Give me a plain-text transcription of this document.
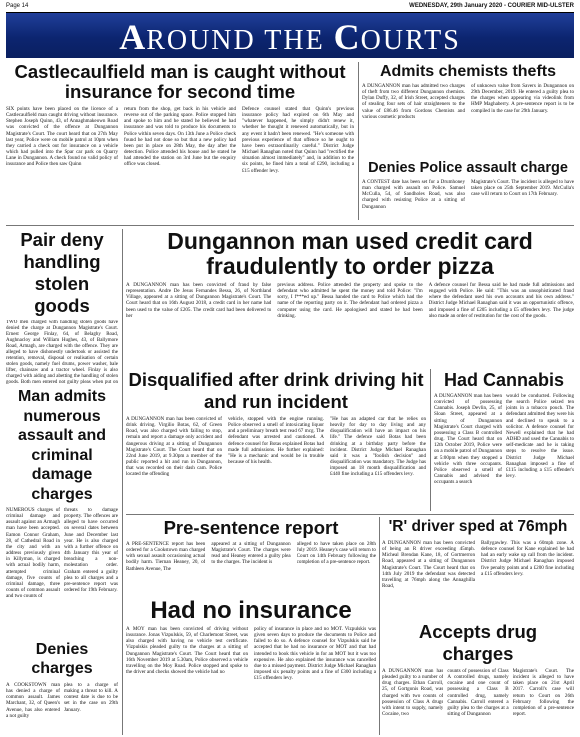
Page 14	WEDNESDAY, 29th January 2020 - COURIER MID-ULSTER
AROUND THE COURTS
Castlecaulfield man is caught without insurance for second time
SIX points have been placed on the licence of a Castlecaulfield man caught driving without insurance. Stephen Joseph Quinn, 43, of Annaghmakeown Road was convicted of the offence at Dungannon Magistrate's Court. The court heard that on 27th May last year, Police were on mobile patrol at 10pm when they carried a check out for insurance on a vehicle which had pulled into the Spar car park on Quarry Lane in Dungannon. A check found no valid policy of insurance and Police then saw Quinn
return from the shop, get back in his vehicle and reverse out of the parking space. Police stopped him and spoke to him and he stated he believed he had insurance and was told to produce his documents to Police within seven days. On 13th June a Police check found he had not done so but that a new policy had been put in place on 28th May, the day after the detection. Police attended his house and he stated he had attended the station on 3rd June but the enquiry office was closed.
Defence counsel stated that Quinn's previous insurance policy had expired on 6th May and "whatever happened, he simply didn't renew it, whether he thought it renewed automatically, but in any event it hadn't been renewed. "He's someone with previous experience of that offence so he ought to have been extraordinarily careful." District Judge Michael Ranaghan noted that Quinn had "rectified the situation almost immediately" and, in addition to the six points, he fined him a total of £290, including a £15 offender levy.
Admits chemists thefts
A DUNGANNON man has admitted two charges of theft from two different Dungannon chemists. Dylan Duffy, 32, of Irish Street, accepted charges of stealing four sets of hair straighteners to the value of £86.46 from Gordons Chemists and various cosmetic products
of unknown value from Savers in Dungannon on 29th December, 2019. He entered a guilty plea to the charges when appearing via videolink from HMP Maghaberry. A pre-sentence report is to be compiled in the case for 29th January.
Denies Police assault charge
A CONTEST date has been set for a Drumhoney man charged with assault on Police. Samuel McCulla, 54, of Sandholes Road, was also charged with resisting Police at a sitting of Dungannon
Magistrate's Court. The incident is alleged to have taken place on 25th September 2019. McCulla's case will return to Court on 17th February.
Pair deny handling stolen goods
TWO men charged with handling stolen goods have denied the charge at Dungannon Magistrate's Court. Ernest George Finlay, 64, of Belaghy Road, Aughnacloy and William Hughes, 43, of Ballymore Road, Armagh, are charged with the offence. They are alleged to have dishonestly undertook or assisted the retention, removal, disposal or realisation of certain stolen goods, namely fuel drums, power washer, bale lifter, chainsaw and a tractor wheel. Finlay is also charged with aiding and abetting the handling of stolen goods. Both men entered not guilty pleas when put on
Man admits numerous assault and criminal damage charges
NUMEROUS charges of criminal damage and assault against an Armagh man have been accepted. Eamon Connor Graham, 28, of Cathedral Road in the city and with an address previously given in Killyman, is charged with actual bodily harm, attempted criminal damage, five counts of criminal damage, three counts of common assault and two counts of
threats to damage property. The offences are alleged to have occurred on several dates between June and December last year. He is also charged with a further offence on 4th January this year of breaching a non-molestation order. Graham entered a guilty plea to all charges and a pre-sentence report was ordered for 19th February.
Denies charges
A COOKSTOWN man has denied a charge of common assault. James Marchant, 32, of Queen's Avenue, has also entered a not guilty
plea to a charge of making a threat to kill. A contest date is due to be set in the case on 29th January.
Dungannon man used credit card fraudulently to order pizza
A DUNGANNON man has been convicted of fraud by false representation. Andre De Jesus Fernandes Bessa, 26, of Northland Village, appeared at a sitting of Dungannon Magistrate's Court. The Court heard that on 16th August 2018, a credit card in her name had been used to the value of £205. The credit card had been delivered to her
previous address. Police attended the property and spoke to the defendant who admitted he spent the money and told Police: "I'm sorry, I f***ed up." Bessa handed the card to Police which had the name of the reporting party on it. The defendant had ordered pizza a computer using the card. He apologised and stated he had been drinking.
A defence counsel for Bessa said he had made full admissions and engaged with Police. He said: "This was an unsophisticated fraud where the defendant used his own accounts and his own address." District Judge Michael Ranaghan said it was an opportunistic offence, and imposed a fine of £205 including a £5 offenders levy. The judge also made an order of restitution for the cost of the goods.
Disqualified after drink driving hit and run incident
A DUNGANNON man has been convicted of drink driving. Virgilio Botas, 62, of Green Road, was also charged with failing to stop, remain and report a damage only accident and dangerous driving at a sitting of Dungannon Magistrate's Court. The Court heard that on 22nd June 2019, at 9.30pm a member of the public reported a hit and run in Dungannon, that was recorded on their dash cam. Police located the offending
vehicle, stopped with the engine running. Police observed a smell of intoxicating liquor and a preliminary breath test read 67 mcg. The defendant was arrested and cautioned. A defence counsel for Botas explained Botas had made full admissions. He further explained: "He is a mechanic and would be in trouble because of his health.
"He has an adapted car that he relies on heavily for day to day living and any disqualification will have an impact on his life." The defence said Botas had been drinking at a birthday party before the incident. District Judge Michael Ranaghan said it was a "foolish decision" and disqualification was mandatory. The Judge has imposed an 18 month disqualification and £440 fine including a £15 offenders levy.
Had Cannabis
A DUNGANNON man has been convicted of possessing Cannabis. Joseph Devlin, 25, of Sloan Street, appeared at a sitting of Dungannon Magistrate's Court charged with possessing a Class B controlled drug. The Court heard that on 12th October 2019, Police were on a mobile patrol of Dungannon at 5:00pm when they stopped a vehicle with three occupants. Police observed a smell of Cannabis and advised the occupants a search
would be conducted. Following the search Police seized ten joints in a tobacco pouch. The defendant admitted they were his and declined to speak to a solicitor. A defence counsel for Newell explained that he had ADHD and used the Cannabis to self-medicate and he is taking steps to resolve the issue. District Judge Michael Ranaghan imposed a fine of £115 including a £15 offender's levy.
Pre-sentence report
A PRE-SENTENCE report has been ordered for a Cookstown man charged with sexual assault occasioning actual bodily harm. Tiernan Heaney, 20, of Rathleen Avenue, The
appeared at a sitting of Dungannon Magistrate's Court. The charges were read and Heaney entered a guilty plea to the charges. The incident is
alleged to have taken place on 28th July 2019. Heaney's case will return to Court on 14th February following the completion of a pre-sentence report.
'R' driver sped at 76mph
A DUNGANNON man has been convicted of being an R driver exceeding 45mph. Micheal Brendan Kane, 18, of Gortmerron Road, appeared at a sitting of Dungannon Magistrate's Court. The Court heard that on 14th July 2019 the defendant was detected travelling at 76mph along the Annaghilla Road,
Ballygawley. This was a 60mph zone. A defence counsel for Kane explained he had had an early wake up call from the incident. District Judge Michael Ranaghan imposed five penalty points and a £200 fine including a £15 offenders levy.
Had no insurance
A MOY man has been convicted of driving without insurance. Jonas Vizpulskis, 59, of Charlemont Street, was also charged with having no vehicle test certificate. Vizpulskis pleaded guilty to the charges at a sitting of Dungannon Magistrate's Court. The Court heard that on 16th November 2019 at 5.30am, Police observed a vehicle travelling on the Moy Road. Police stopped and spoke to the driver and checks showed the vehicle had no
policy of insurance in place and no MOT. Vizpulskis was given seven days to produce the documents to Police and failed to do so. A defence counsel for Vizpulskis said he accepted that he had no insurance or MOT and that had intended to book this vehicle in for an MOT but it was too expensive. He also explained the insurance was cancelled due to a missed payment. District Judge Michael Ranaghan imposed six penalty points and a fine of £300 including a £15 offenders levy.
Accepts drug charges
A DUNGANNON man has pleaded guilty to a number of drug charges. Ethan Carroll, 25, of Gortgonis Road, was charged with two counts of possession of Class A drugs with intent to supply, namely Cocaine, two
counts of possession of Class A controlled drugs, namely cocaine and one count of possessing a Class B controlled drug, namely Cannabis. Carroll entered a guilty plea to the charges at a sitting of Dungannon
Magistrate's Court. The incident is alleged to have taken place on 21st April 2017. Carroll's case will return to Court on 26th February following the completion of a pre-sentence report.
